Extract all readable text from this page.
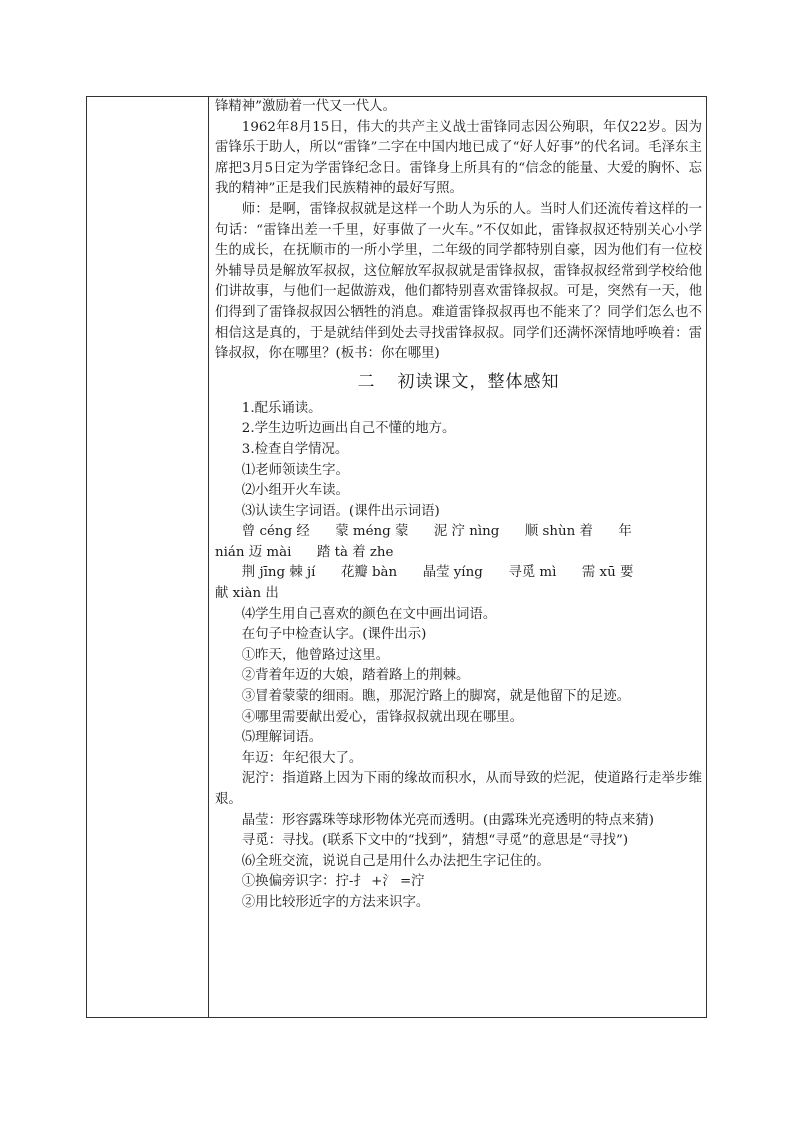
锋精神”激励着一代又一代人。

1962年8月15日，伟大的共产主义战士雷锋同志因公殉职，年仅22岁。因为雷锋乐于助人，所以“雷锋”二字在中国内地已成了“好人好事”的代名词。毛泽东主席把3月5日定为学雷锋纪念日。雷锋身上所具有的“信念的能量、大爱的胸怀、忘我的精神”正是我们民族精神的最好写照。

师：是啊，雷锋叔叔就是这样一个助人为乐的人。当时人们还流传着这样的一句话：“雷锋出差一千里，好事做了一火车。”不仅如此，雷锋叔叔还特别关心小学生的成长，在抚顺市的一所小学里，二年级的同学都特别自豪，因为他们有一位校外辅导员是解放军叔叔，这位解放军叔叔就是雷锋叔叔，雷锋叔叔经常到学校给他们讲故事，与他们一起做游戏，他们都特别喜欢雷锋叔叔。可是，突然有一天，他们得到了雷锋叔叔因公牺牲的消息。难道雷锋叔叔再也不能来了？同学们怎么也不相信这是真的，于是就结伴到处去寻找雷锋叔叔。同学们还满怀深情地呼唤着：雷锋叔叔，你在哪里？(板书：你在哪里)

二 初读课文，整体感知

1.配乐诵读。

2.学生边听边画出自己不懂的地方。

3.检查自学情况。

⑴老师领读生字。

⑵小组开火车读。

⑶认读生字词语。(课件出示词语)

曾 céng 经      蒙 méng 蒙      泥 泞 nìng      顺 shùn 着      年

nián 迈 mài      踏 tà 着 zhe

荆 jīng 棘 jí      花瓣 bàn      晶莹 yíng      寻觅 mì      需 xū 要

献 xiàn 出

⑷学生用自己喜欢的颜色在文中画出词语。

在句子中检查认字。(课件出示)

①昨天，他曾路过这里。

②背着年迈的大娘，踏着路上的荆棘。

③冒着蒙蒙的细雨。瞧，那泥泞路上的脚窝，就是他留下的足迹。

④哪里需要献出爱心，雷锋叔叔就出现在哪里。

⑸理解词语。

年迈：年纪很大了。

泥泞：指道路上因为下雨的缘故而积水，从而导致的烂泥，使道路行走举步维艰。

晶莹：形容露珠等球形物体光亮而透明。(由露珠光亮透明的特点来猜)

寻觅：寻找。(联系下文中的“找到”，猜想“寻觅”的意思是“寻找”)

⑹全班交流，说说自己是用什么办法把生字记住的。

①换偏旁识字：拧-扌 +氵 =泞

②用比较形近字的方法来识字。
